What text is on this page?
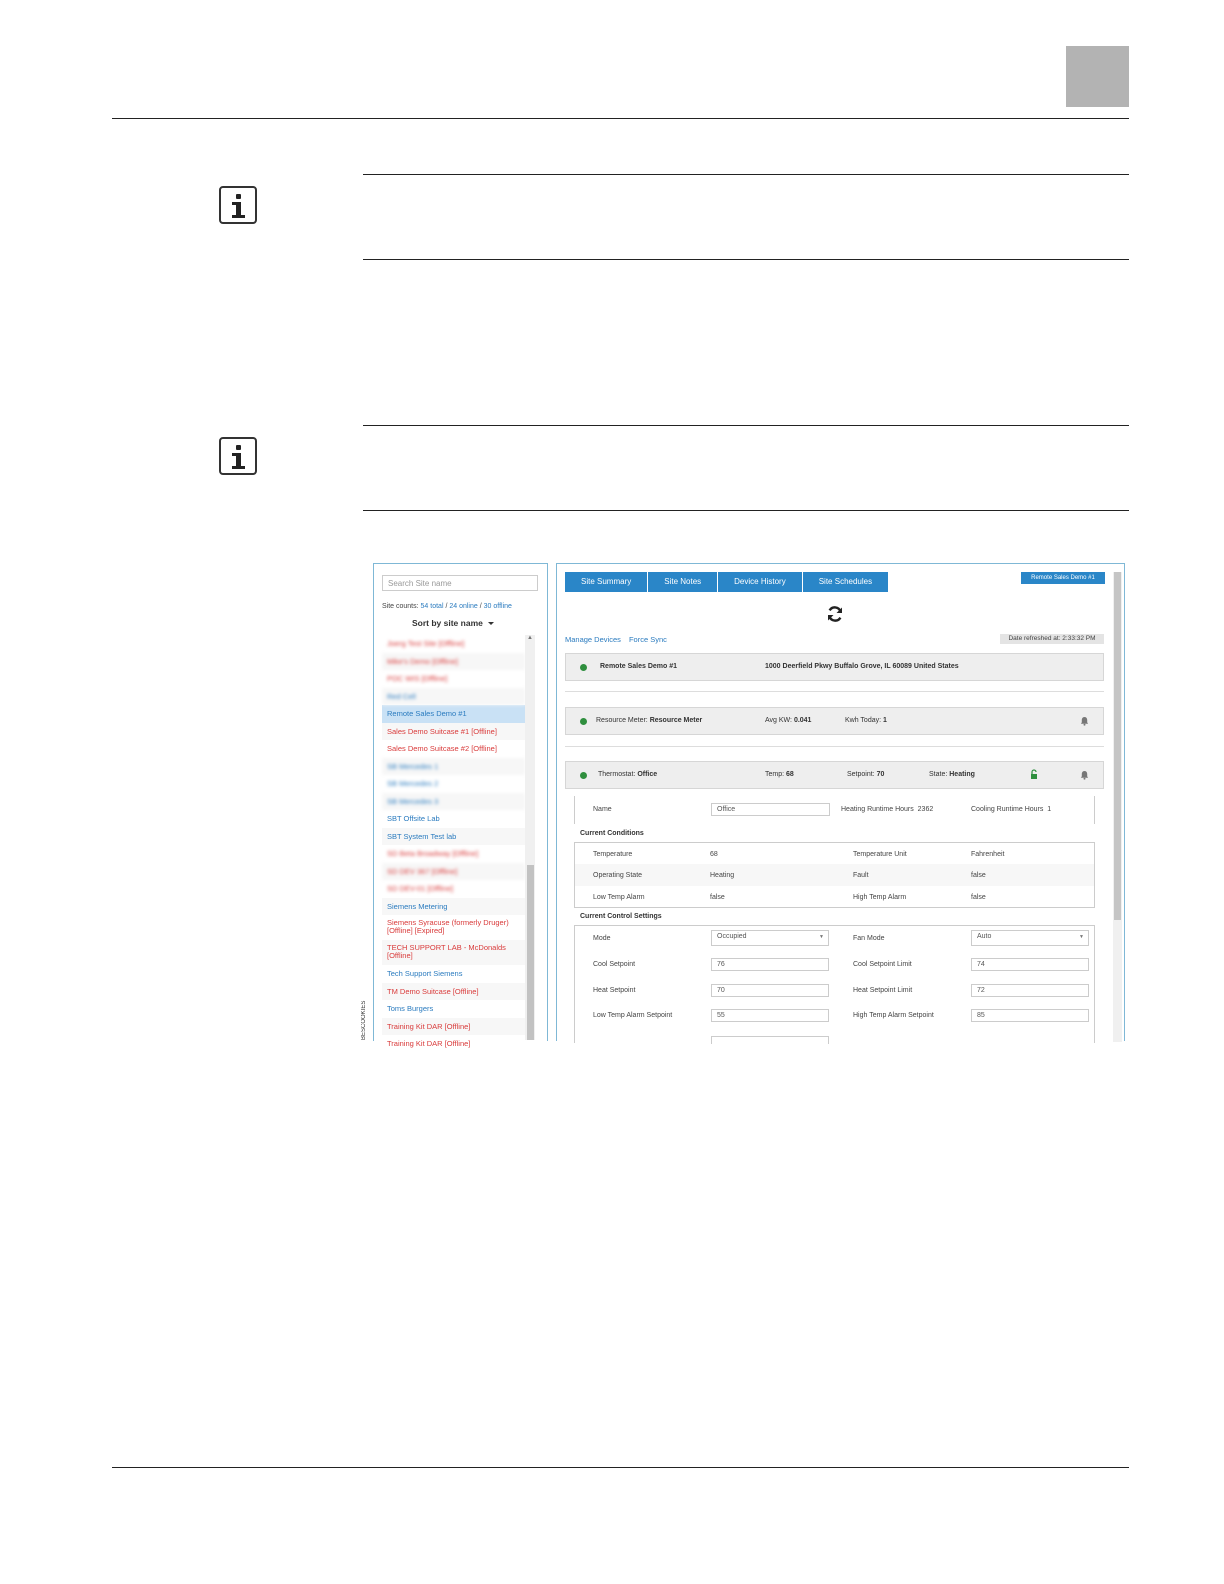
BESCOOKIES
Search Site name
Site counts: 54 total / 24 online / 30 offline
Sort by site name
Joerg Test Site [Offline]
Mike's Demo [Offline]
POC WIS [Offline]
Red Cell
Remote Sales Demo #1
Sales Demo Suitcase #1 [Offline]
Sales Demo Suitcase #2 [Offline]
SB Mercedes 1
SB Mercedes 2
SB Mercedes 3
SBT Offsite Lab
SBT System Test lab
SD Beta Broadway [Offline]
SD DEV 367 [Offline]
SD DEV-01 [Offline]
Siemens Metering
Siemens Syracuse (formerly Druger) [Offline] [Expired]
TECH SUPPORT LAB - McDonalds [Offline]
Tech Support Siemens
TM Demo Suitcase [Offline]
Toms Burgers
Training Kit DAR [Offline]
Training Kit DAR [Offline]
▲
Site Summary	Site Notes	Device History	Site Schedules	Remote Sales Demo #1
Manage Devices Force Sync	Date refreshed at: 2:33:32 PM
Remote Sales Demo #1	1000 Deerfield Pkwy Buffalo Grove, IL 60089 United States
Resource Meter: Resource Meter	Avg KW: 0.041	Kwh Today: 1
Thermostat: Office	Temp: 68	Setpoint: 70	State: Heating
Name	Office	Heating Runtime Hours 2362	Cooling Runtime Hours 1
Current Conditions
Temperature	68	Temperature Unit	Fahrenheit
Operating State	Heating	Fault	false
Low Temp Alarm	false	High Temp Alarm	false
Current Control Settings
Mode	Occupied	▼	Fan Mode	Auto	▼
Cool Setpoint	76	Cool Setpoint Limit	74
Heat Setpoint	70	Heat Setpoint Limit	72
Low Temp Alarm Setpoint	55	High Temp Alarm Setpoint	85
